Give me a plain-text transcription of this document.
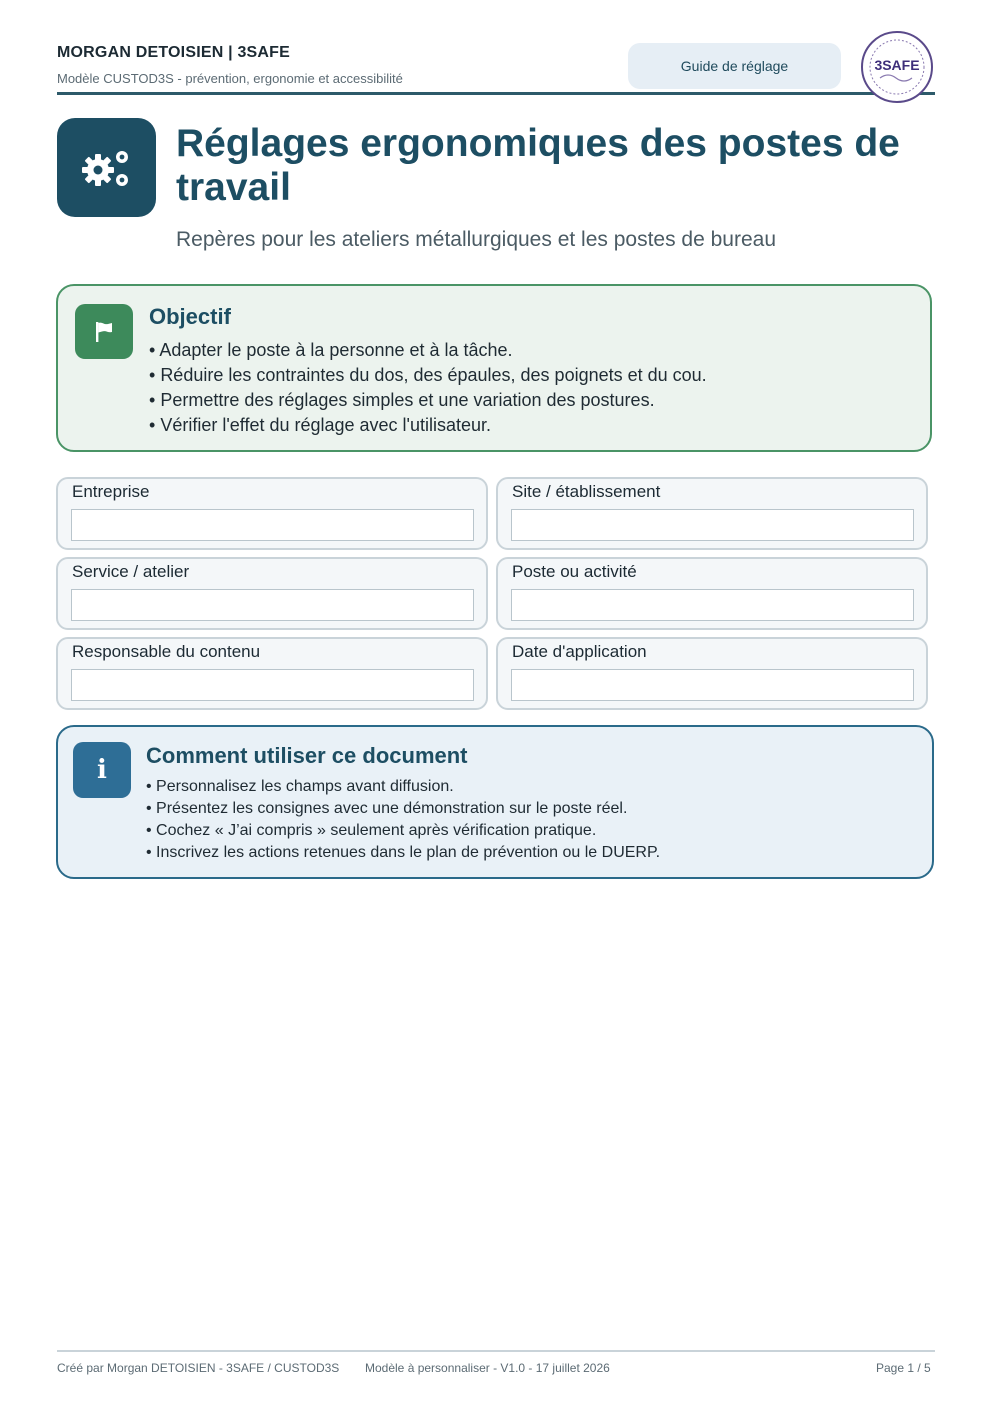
MORGAN DETOISIEN | 3SAFE
Modèle CUSTOD3S - prévention, ergonomie et accessibilité
Guide de réglage	3SAFE
Réglages ergonomiques des postes de travail
Repères pour les ateliers métallurgiques et les postes de bureau
Objectif
• Adapter le poste à la personne et à la tâche.
• Réduire les contraintes du dos, des épaules, des poignets et du cou.
• Permettre des réglages simples et une variation des postures.
• Vérifier l'effet du réglage avec l'utilisateur.
Entreprise	Site / établissement
Service / atelier	Poste ou activité
Responsable du contenu	Date d'application
i	Comment utiliser ce document
• Personnalisez les champs avant diffusion.
• Présentez les consignes avec une démonstration sur le poste réel.
• Cochez « J’ai compris » seulement après vérification pratique.
• Inscrivez les actions retenues dans le plan de prévention ou le DUERP.
Créé par Morgan DETOISIEN - 3SAFE / CUSTOD3S Modèle à personnaliser - V1.0 - 17 juillet 2026	Page 1 / 5
